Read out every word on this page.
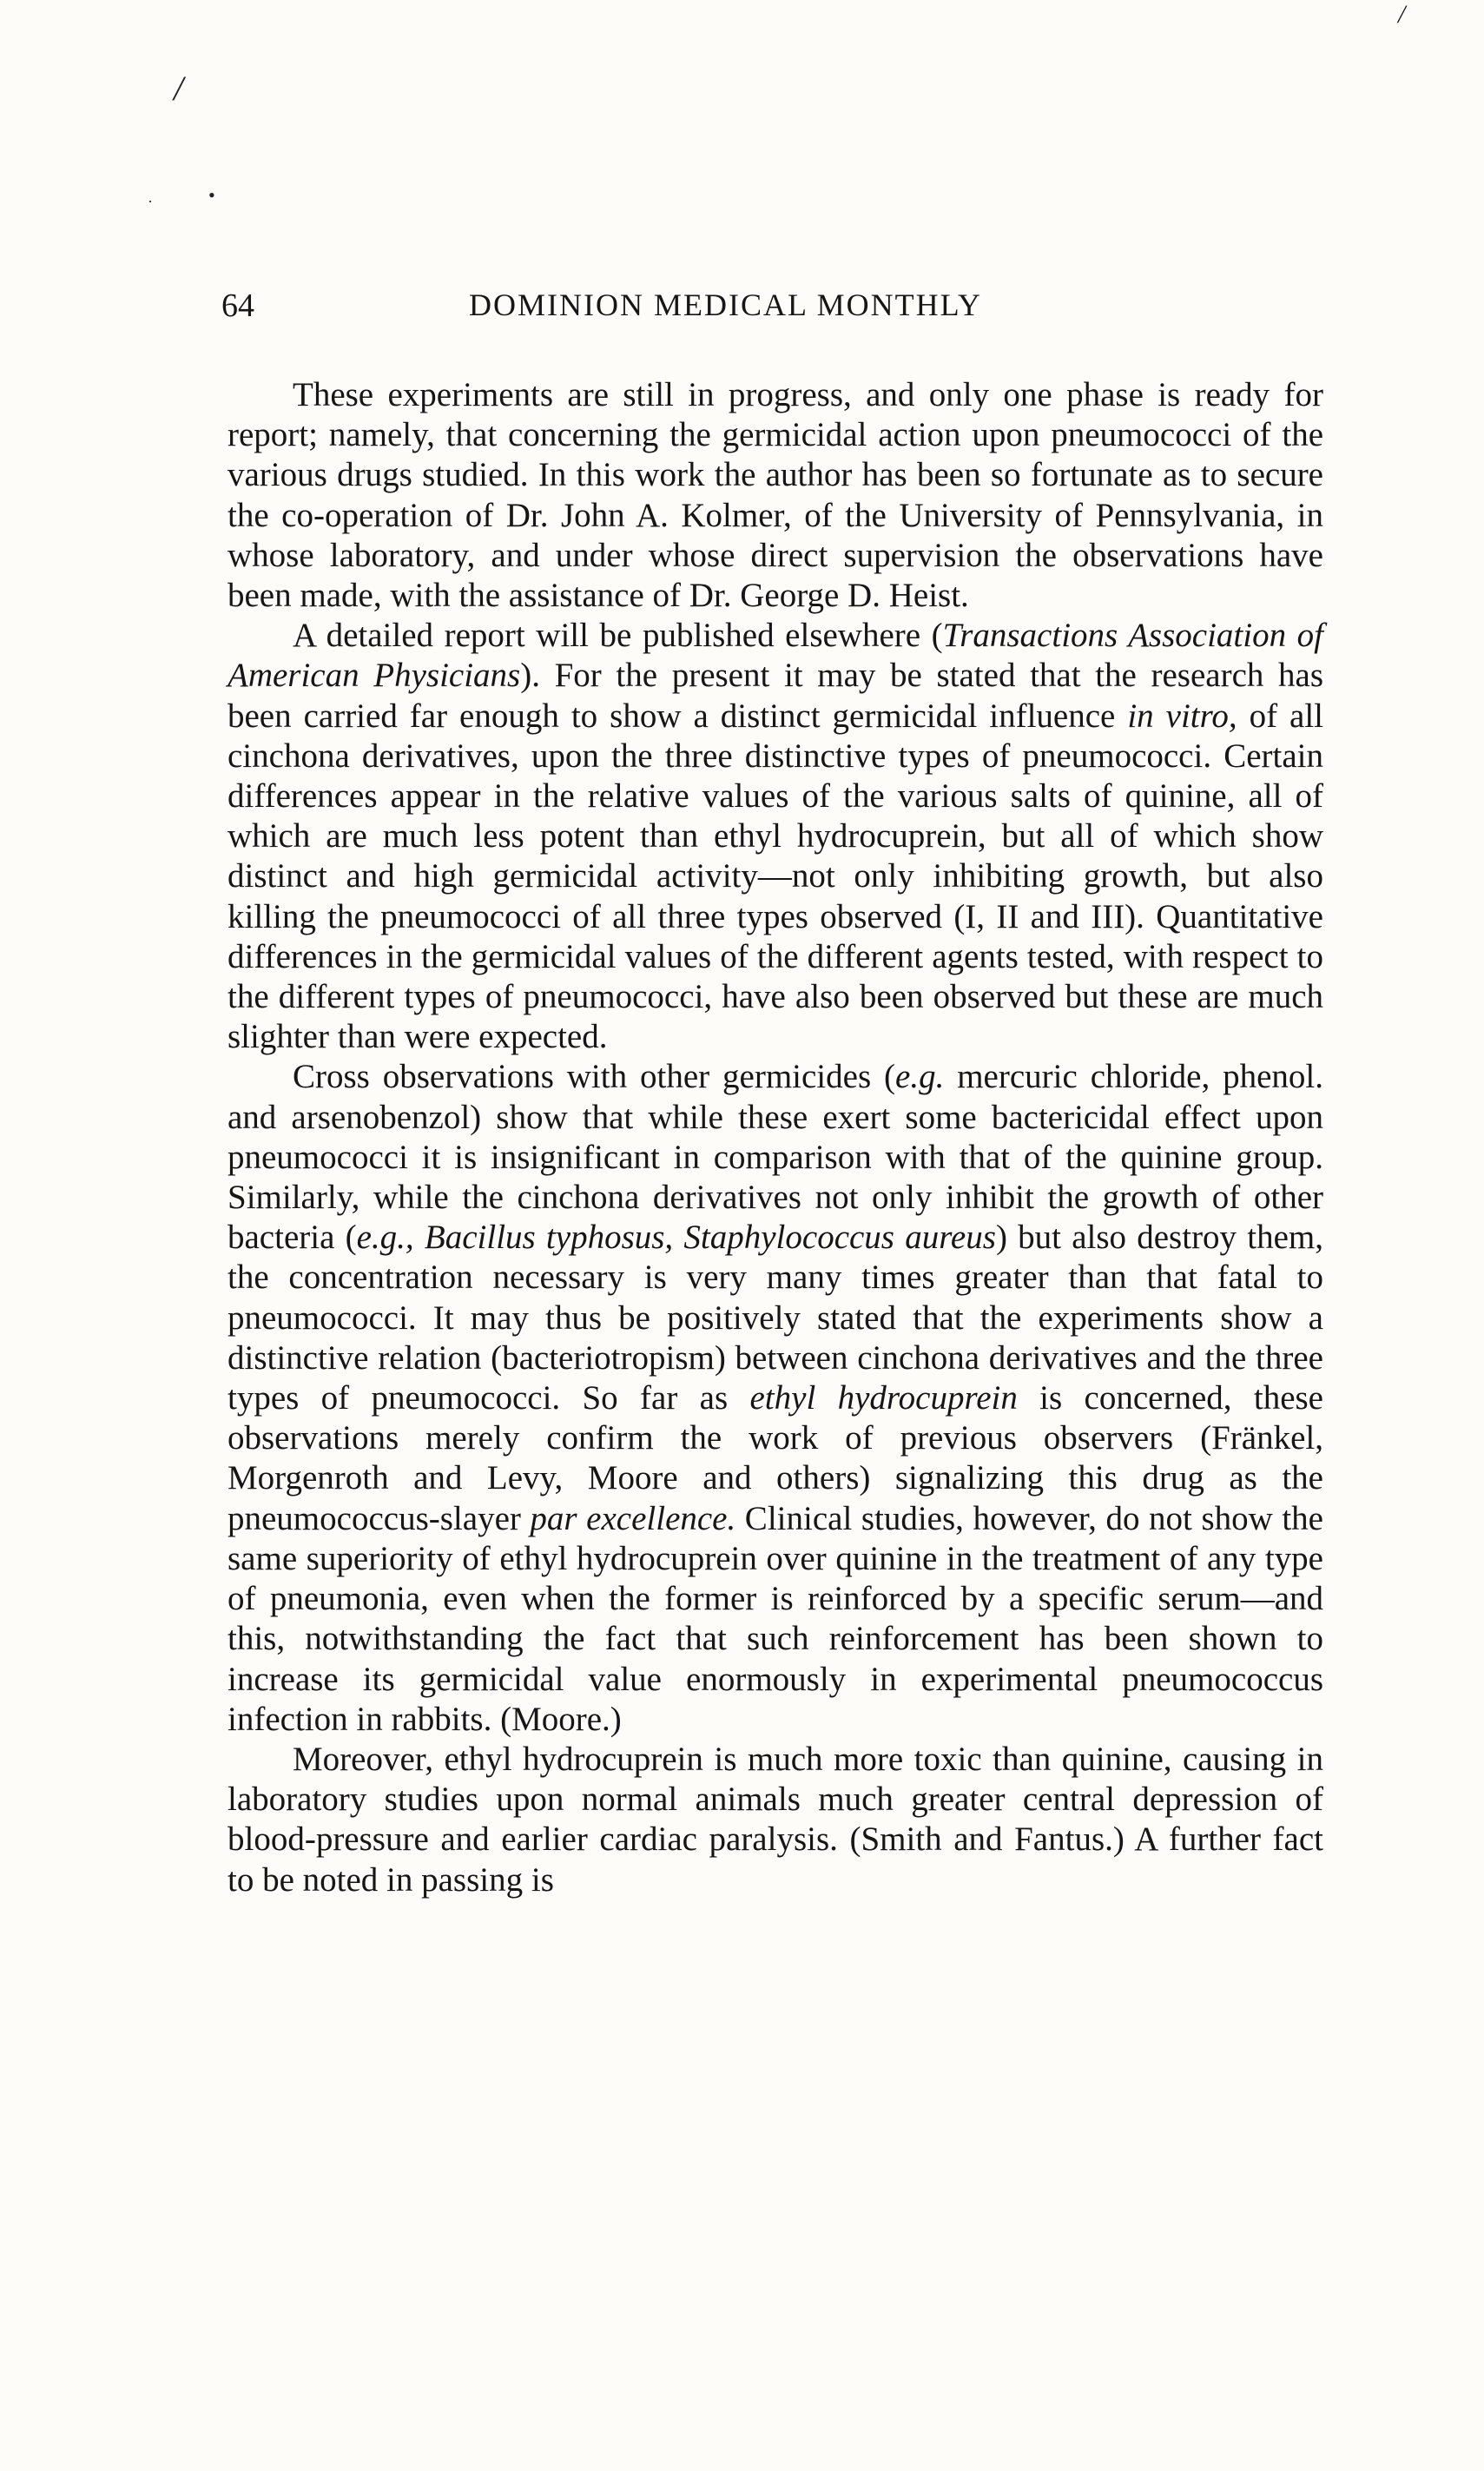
/
·	•
/
64	DOMINION MEDICAL MONTHLY

These experiments are still in progress, and only one phase is ready for report; namely, that concerning the germicidal action upon pneumococci of the various drugs studied. In this work the author has been so fortunate as to secure the co-operation of Dr. John A. Kolmer, of the University of Pennsylvania, in whose laboratory, and under whose direct supervision the observations have been made, with the assistance of Dr. George D. Heist.

A detailed report will be published elsewhere (Transactions Association of American Physicians). For the present it may be stated that the research has been carried far enough to show a distinct germicidal influence in vitro, of all cinchona derivatives, upon the three distinctive types of pneumococci. Certain differences appear in the relative values of the various salts of quinine, all of which are much less potent than ethyl hydrocuprein, but all of which show distinct and high germicidal activity—not only inhibiting growth, but also killing the pneumococci of all three types observed (I, II and III). Quantitative differences in the germicidal values of the different agents tested, with respect to the different types of pneumococci, have also been observed but these are much slighter than were expected.

Cross observations with other germicides (e.g. mercuric chloride, phenol. and arsenobenzol) show that while these exert some bactericidal effect upon pneumococci it is insignificant in comparison with that of the quinine group. Similarly, while the cinchona derivatives not only inhibit the growth of other bacteria (e.g., Bacillus typhosus, Staphylococcus aureus) but also destroy them, the concentration necessary is very many times greater than that fatal to pneumococci. It may thus be positively stated that the experiments show a distinctive relation (bacteriotropism) between cinchona derivatives and the three types of pneumococci. So far as ethyl hydrocuprein is concerned, these observations merely confirm the work of previous observers (Fränkel, Morgenroth and Levy, Moore and others) signalizing this drug as the pneumococcus-slayer par excellence. Clinical studies, however, do not show the same superiority of ethyl hydrocuprein over quinine in the treatment of any type of pneumonia, even when the former is reinforced by a specific serum—and this, notwithstanding the fact that such reinforcement has been shown to increase its germicidal value enormously in experimental pneumococcus infection in rabbits. (Moore.)

Moreover, ethyl hydrocuprein is much more toxic than quinine, causing in laboratory studies upon normal animals much greater central depression of blood-pressure and earlier cardiac paralysis. (Smith and Fantus.) A further fact to be noted in passing is
